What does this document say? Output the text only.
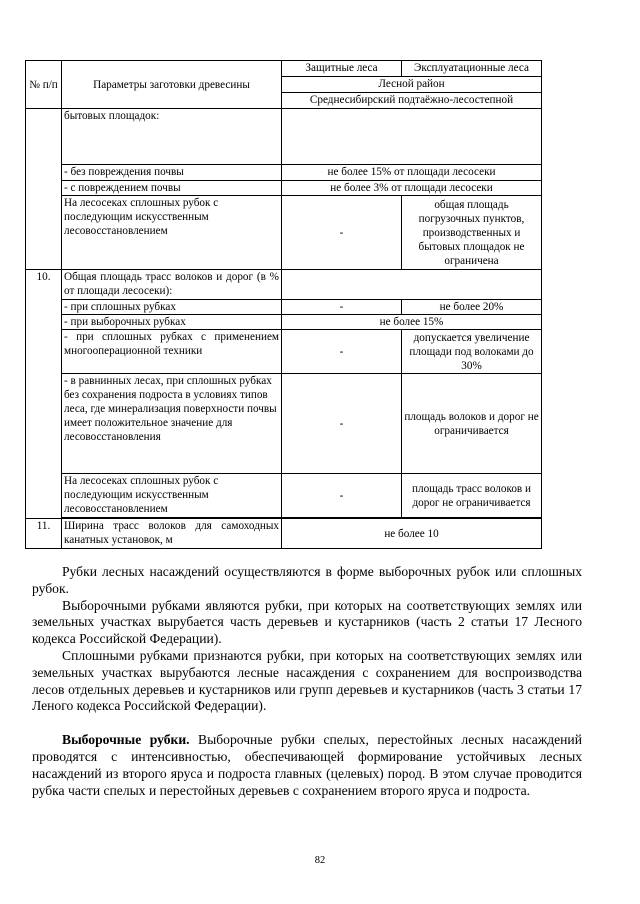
№ п/п	Параметры заготовки древесины	Защитные леса	Эксплуатационные леса
		Лесной район	
		Среднесибирский подтаёжно-лесостепной	
	бытовых площадок:		
	- без повреждения почвы	не более 15% от площади лесосеки	
	- с повреждением почвы	не более 3% от площади лесосеки	
	На лесосеках сплошных рубок с последующим искусственным лесовосстановлением	-	общая площадь погрузочных пунктов, производственных и бытовых площадок не ограничена
10.	Общая площадь трасс волоков и дорог (в % от площади лесосеки):		
	- при сплошных рубках	-	не более 20%
	- при выборочных рубках	не более 15%	
	- при сплошных рубках с применением многооперационной техники	-	допускается увеличение площади под волоками до 30%
	- в равнинных лесах, при сплошных рубках без сохранения подроста в условиях типов леса, где минерализация поверхности почвы имеет положительное значение для лесовосстановления	-	площадь волоков и дорог не ограничивается
	На лесосеках сплошных рубок с последующим искусственным лесовосстановлением	-	площадь трасс волоков и дорог не ограничивается

11.	Ширина трасс волоков для самоходных канатных установок, м	не более 10	

Рубки лесных насаждений осуществляются в форме выборочных рубок или сплошных рубок.

Выборочными рубками являются рубки, при которых на соответствующих землях или земельных участках вырубается часть деревьев и кустарников (часть 2 статьи 17 Лесного кодекса Российской Федерации).

Сплошными рубками признаются рубки, при которых на соответствующих землях или земельных участках вырубаются лесные насаждения с сохранением для воспроизводства лесов отдельных деревьев и кустарников или групп деревьев и кустарников (часть 3 статьи 17 Леного кодекса Российской Федерации).

Выборочные рубки. Выборочные рубки спелых, перестойных лесных насаждений проводятся с интенсивностью, обеспечивающей формирование устойчивых лесных насаждений из второго яруса и подроста главных (целевых) пород. В этом случае проводится рубка части спелых и перестойных деревьев с сохранением второго яруса и подроста.

82
